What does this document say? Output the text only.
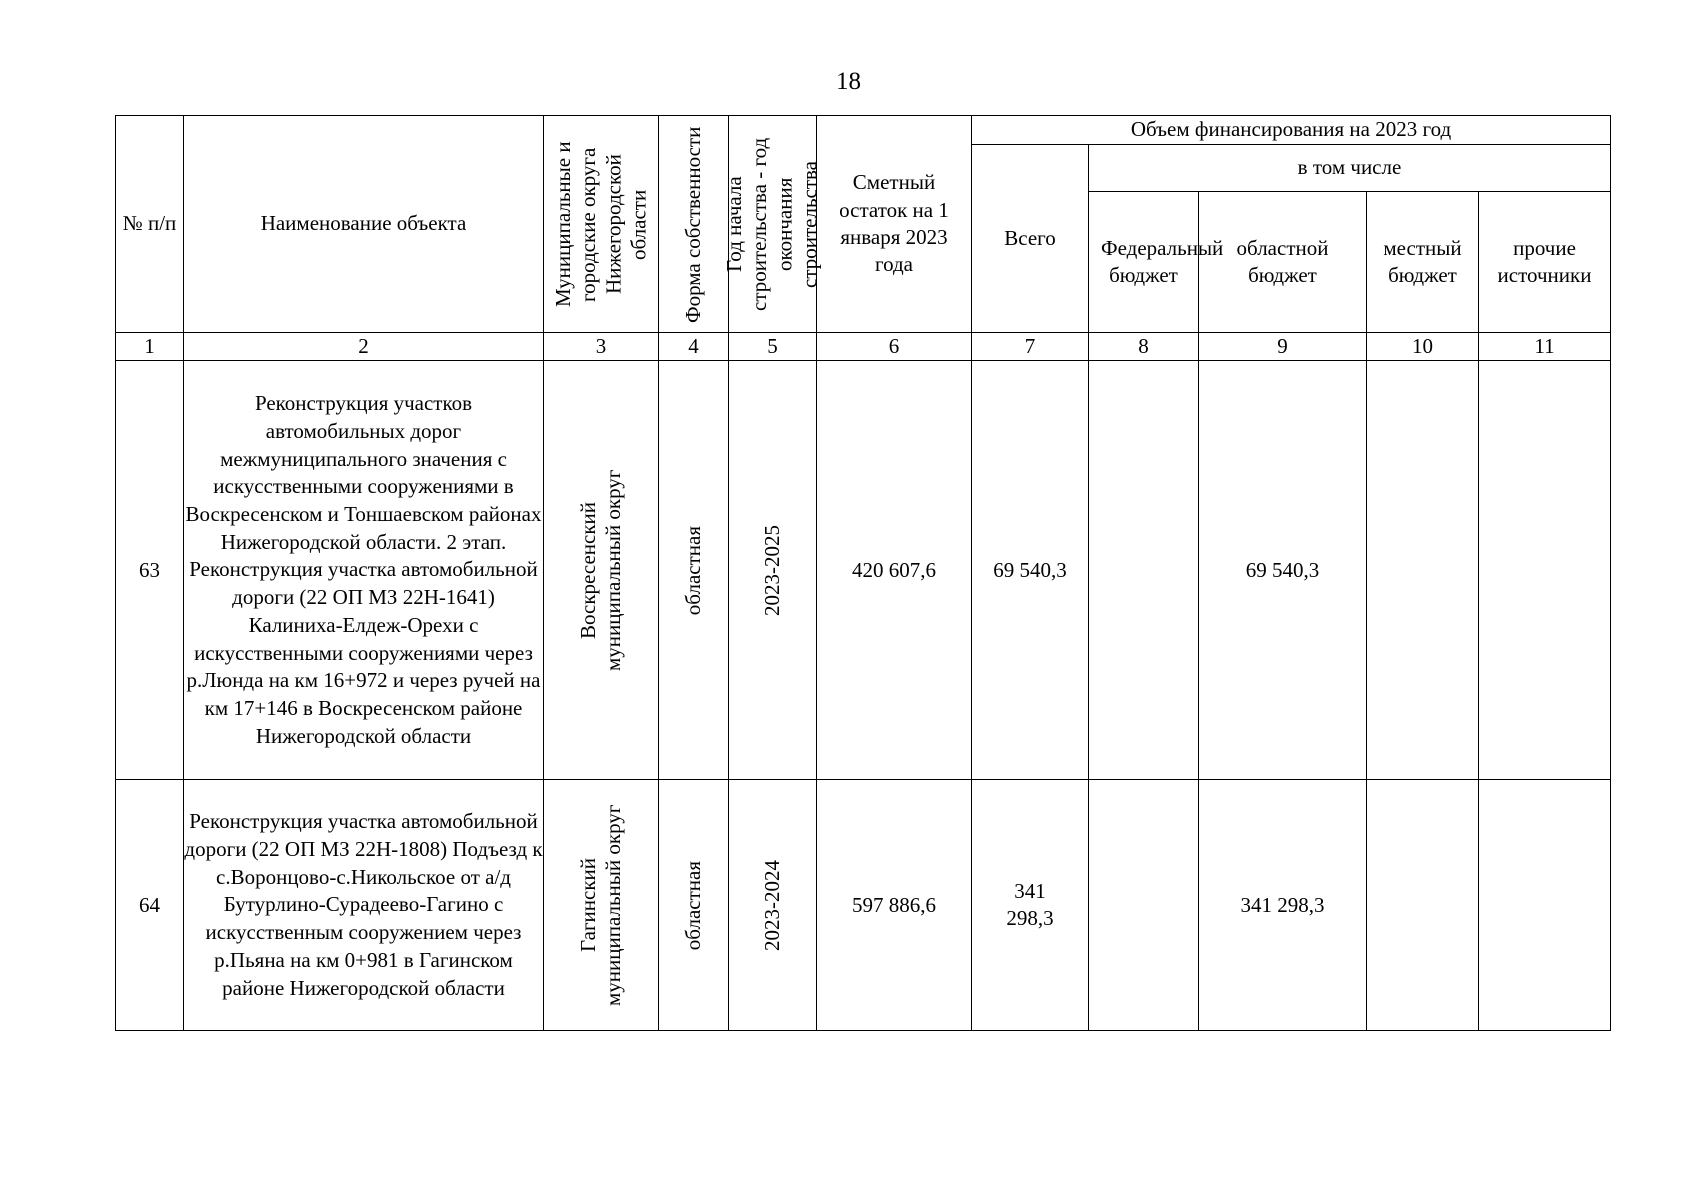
18
№ п/п	Наименование объекта	Муниципальные и городские округа Нижегородской области	Форма собственности	Год начала строительства - год окончания строительства	Сметный остаток на 1 января 2023 года	Объем финансирования на 2023 год				
						Всего	в том числе			
							Федеральный бюджет	областной бюджет	местный бюджет	прочие источники
1	2	3	4	5	6	7	8	9	10	11
63	Реконструкция участков автомобильных дорог межмуниципального значения с искусственными сооружениями в Воскресенском и Тоншаевском районах Нижегородской области. 2 этап. Реконструкция участка автомобильной дороги (22 ОП МЗ 22Н-1641) Калиниха-Елдеж-Орехи с искусственными сооружениями через р.Люнда на км 16+972 и через ручей на км 17+146 в Воскресенском районе Нижегородской области	Воскресенский муниципальный округ	областная	2023-2025	420 607,6	69 540,3		69 540,3		
64	Реконструкция участка автомобильной дороги (22 ОП МЗ 22Н-1808) Подъезд к с.Воронцово-с.Никольское от а/д Бутурлино-Сурадеево-Гагино с искусственным сооружением через р.Пьяна на км 0+981 в Гагинском районе Нижегородской области	Гагинский муниципальный округ	областная	2023-2024	597 886,6	341 298,3		341 298,3		
